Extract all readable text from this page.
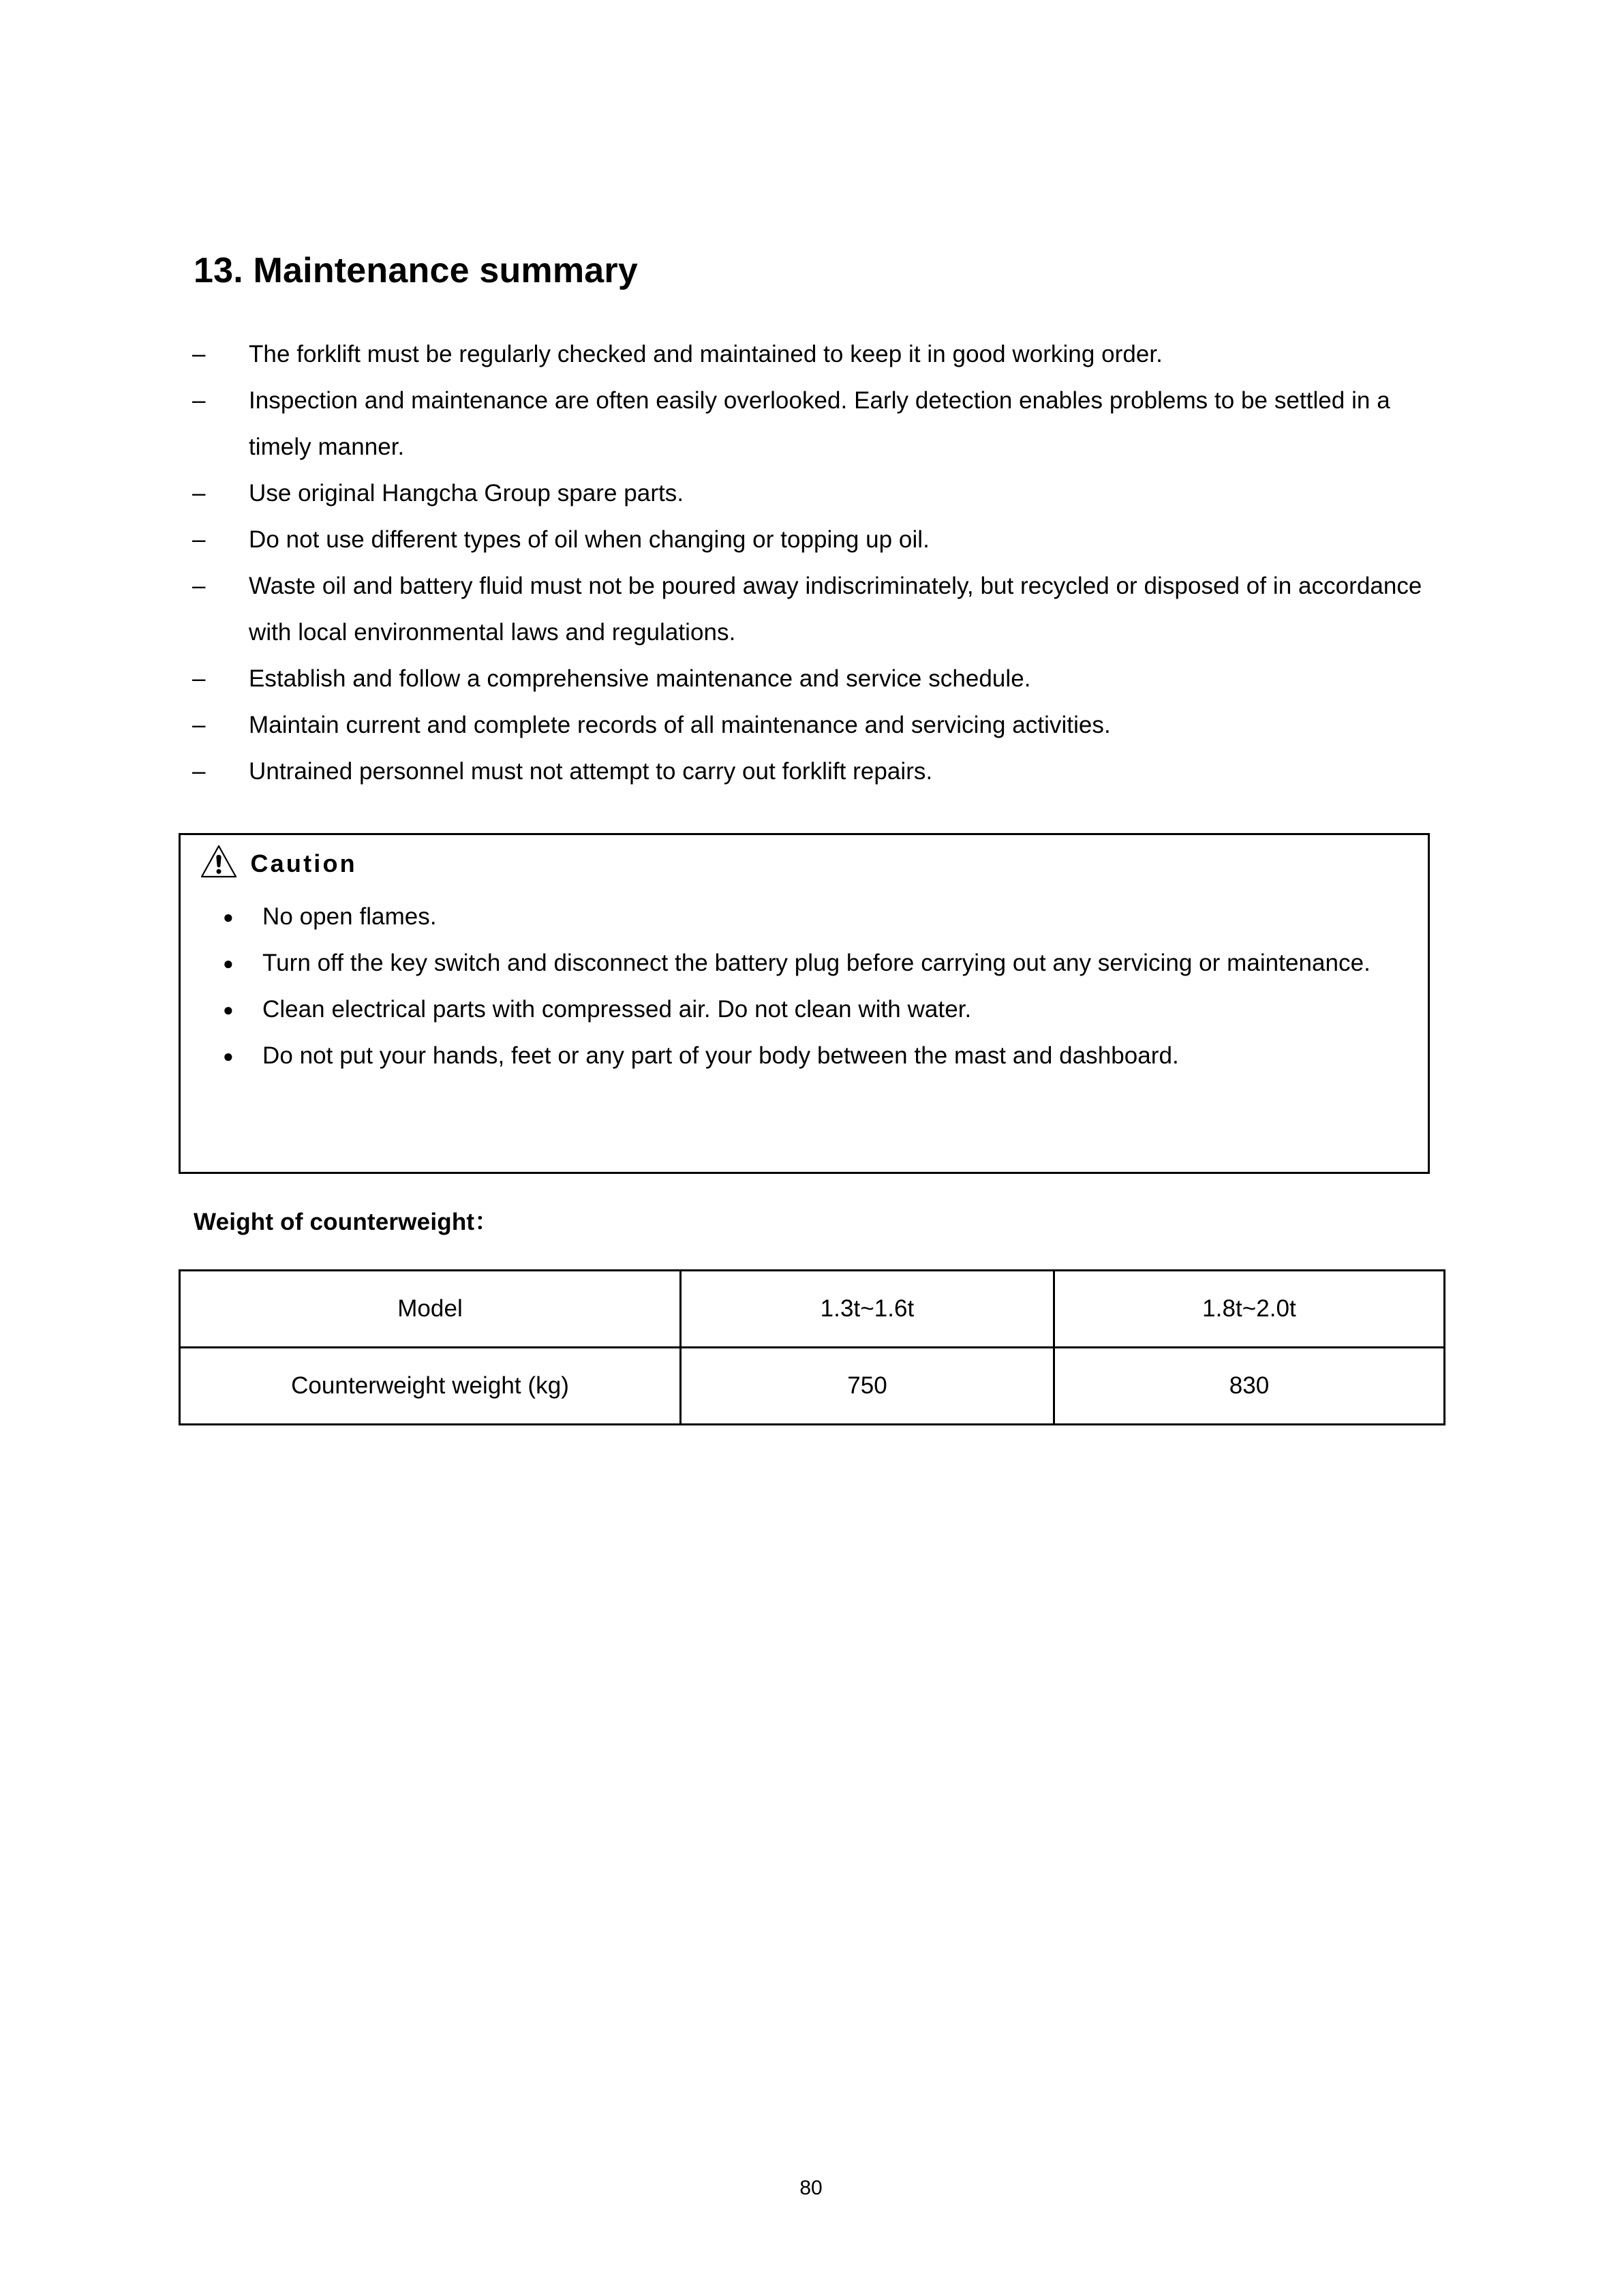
13. Maintenance summary
–	The forklift must be regularly checked and maintained to keep it in good working order.
–	Inspection and maintenance are often easily overlooked. Early detection enables problems to be settled in a timely manner.
–	Use original Hangcha Group spare parts.
–	Do not use different types of oil when changing or topping up oil.
–	Waste oil and battery fluid must not be poured away indiscriminately, but recycled or disposed of in accordance with local environmental laws and regulations.
–	Establish and follow a comprehensive maintenance and service schedule.
–	Maintain current and complete records of all maintenance and servicing activities.
–	Untrained personnel must not attempt to carry out forklift repairs.
Caution
● No open flames.
● Turn off the key switch and disconnect the battery plug before carrying out any servicing or maintenance.
● Clean electrical parts with compressed air. Do not clean with water.
● Do not put your hands, feet or any part of your body between the mast and dashboard.
Weight of counterweight：
Model	1.3t~1.6t	1.8t~2.0t
Counterweight weight (kg)	750	830
80
